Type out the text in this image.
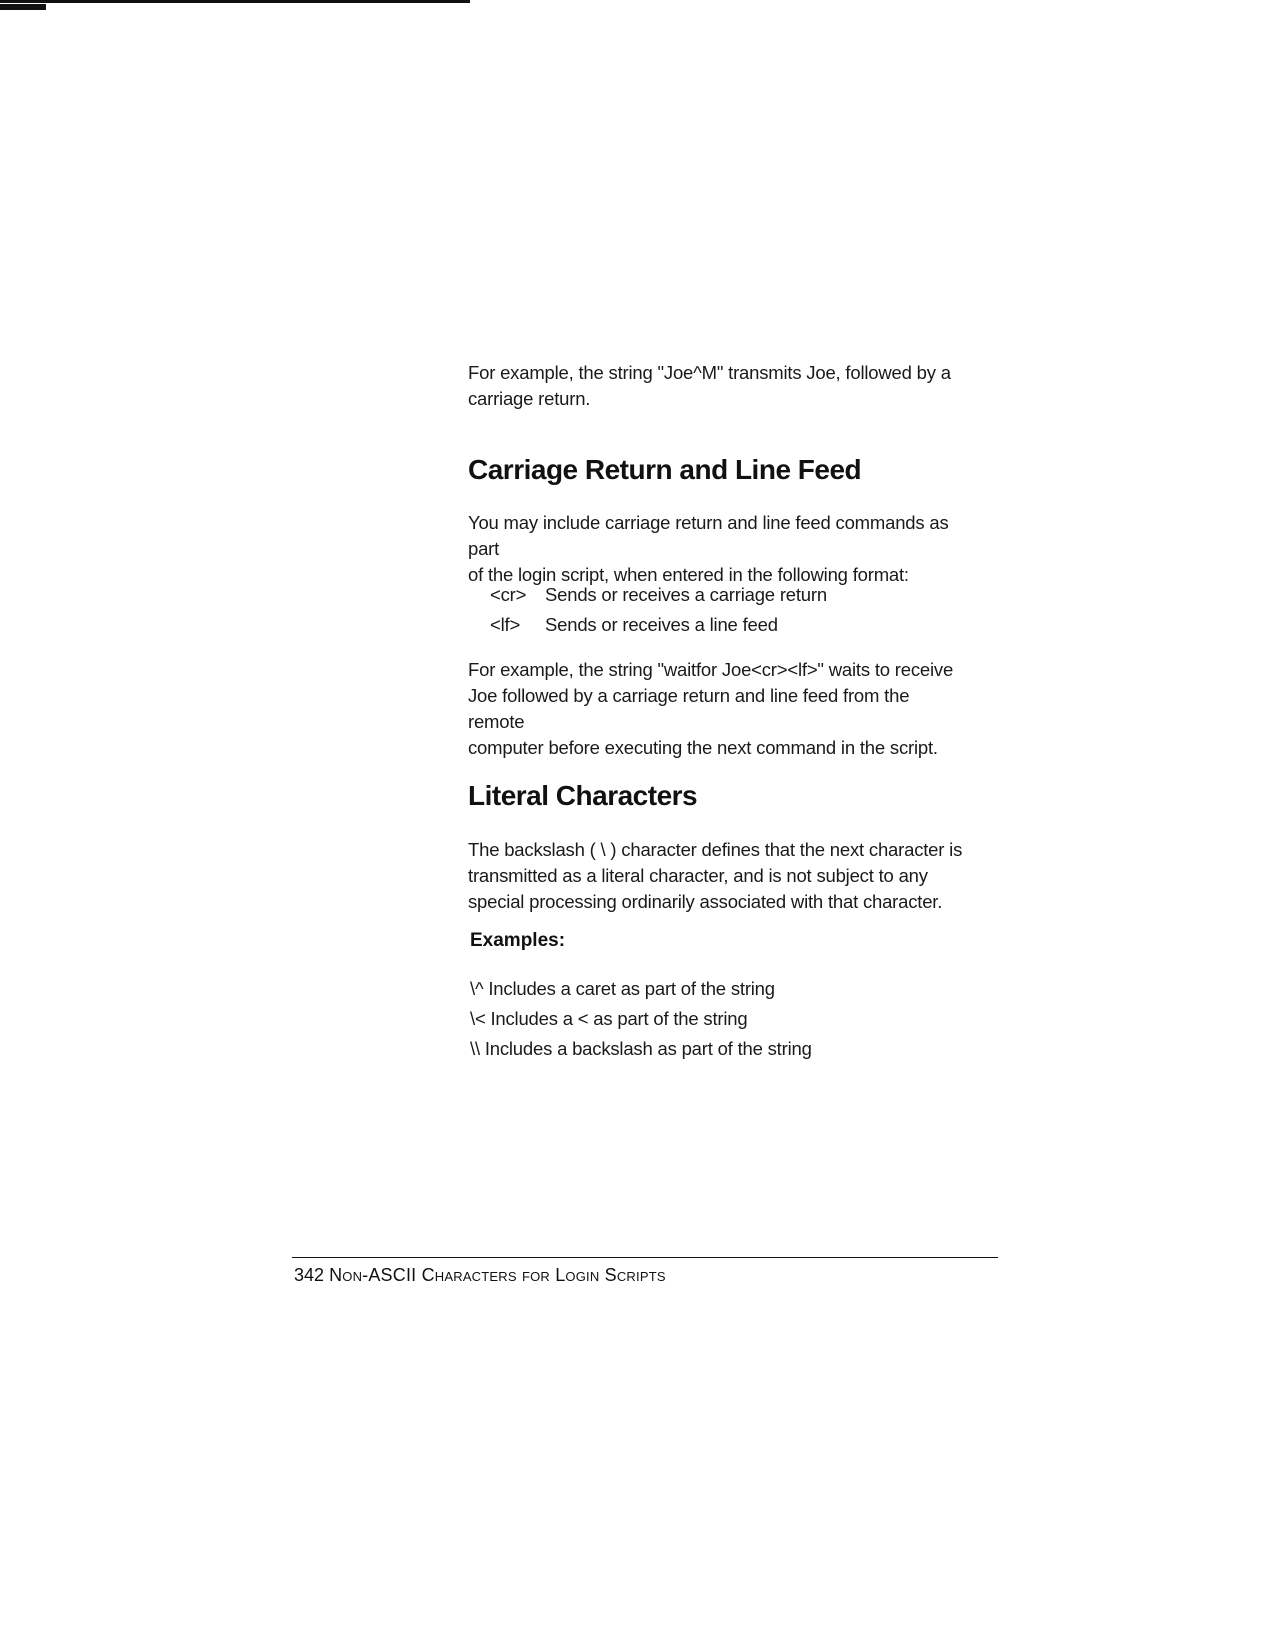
For example, the string "Joe^M" transmits Joe, followed by a
carriage return.
Carriage Return and Line Feed
You may include carriage return and line feed commands as part
of the login script, when entered in the following format:
<cr> Sends or receives a carriage return
<lf> Sends or receives a line feed
For example, the string "waitfor Joe<cr><lf>" waits to receive
Joe followed by a carriage return and line feed from the remote
computer before executing the next command in the script.
Literal Characters
The backslash ( \ ) character defines that the next character is
transmitted as a literal character, and is not subject to any
special processing ordinarily associated with that character.
Examples:
\^ Includes a caret as part of the string
\< Includes a < as part of the string
\\ Includes a backslash as part of the string
342 Non-ASCII Characters for Login Scripts
